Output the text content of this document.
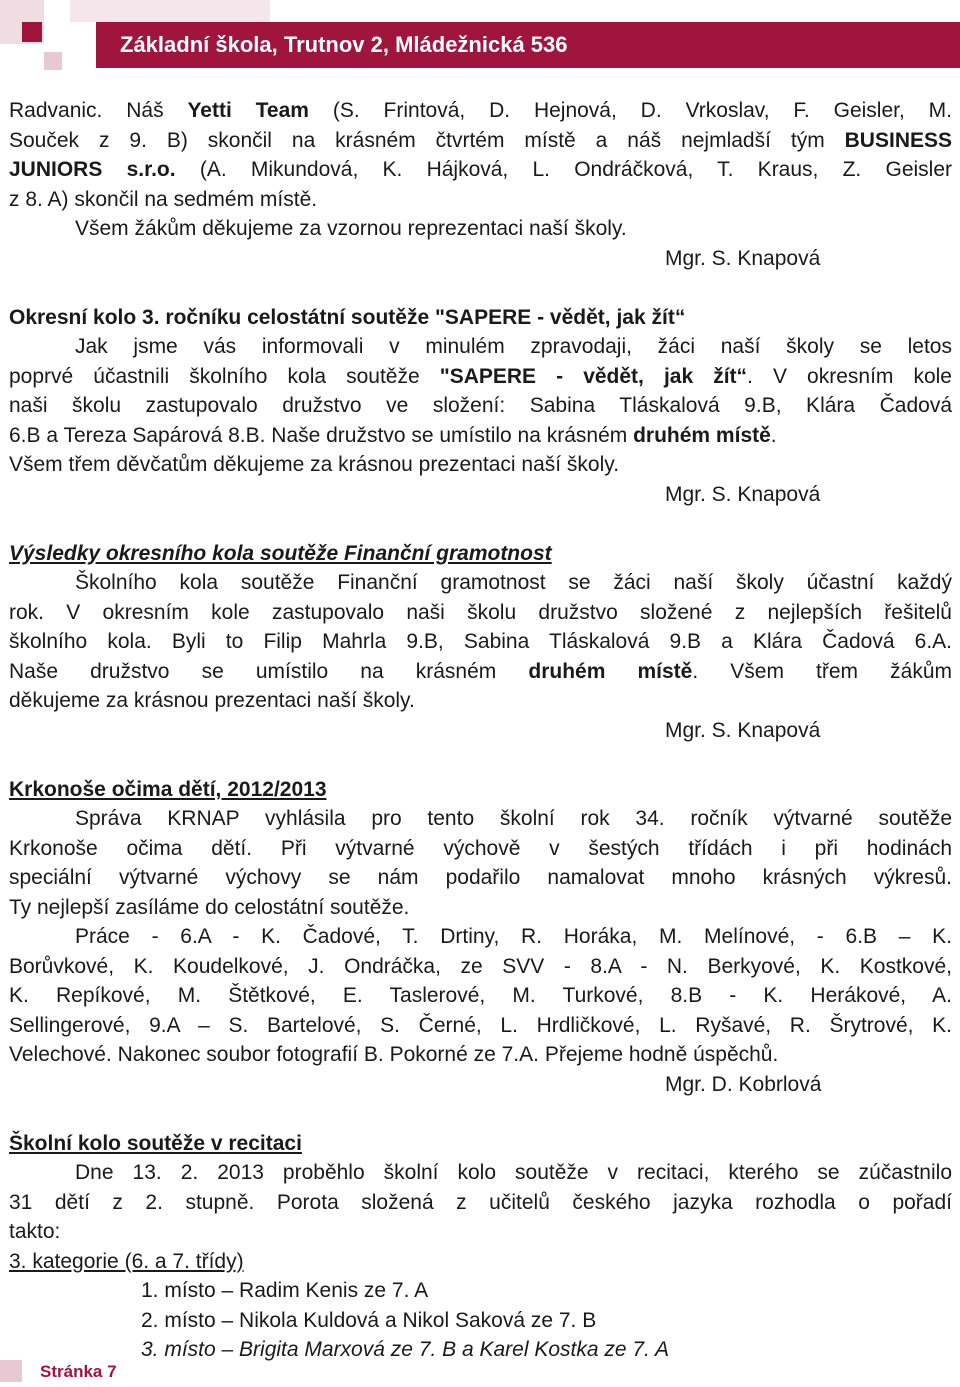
Základní škola, Trutnov 2, Mládežnická 536
Radvanic. Náš Yetti Team (S. Frintová, D. Hejnová, D. Vrkoslav, F. Geisler, M.
Souček z 9. B) skončil na krásném čtvrtém místě a náš nejmladší tým BUSINESS
JUNIORS s.r.o. (A. Mikundová, K. Hájková, L. Ondráčková, T. Kraus, Z. Geisler
z 8. A) skončil na sedmém místě.
Všem žákům děkujeme za vzornou reprezentaci naší školy.
Mgr. S. Knapová
Okresní kolo 3. ročníku celostátní soutěže "SAPERE - vědět, jak žít“
Jak jsme vás informovali v minulém zpravodaji, žáci naší školy se letos
poprvé účastnili školního kola soutěže "SAPERE - vědět, jak žít“. V okresním kole
naši školu zastupovalo družstvo ve složení: Sabina Tláskalová 9.B, Klára Čadová
6.B a Tereza Sapárová 8.B. Naše družstvo se umístilo na krásném druhém místě.
Všem třem děvčatům děkujeme za krásnou prezentaci naší školy.
Mgr. S. Knapová
Výsledky okresního kola soutěže Finanční gramotnost
Školního kola soutěže Finanční gramotnost se žáci naší školy účastní každý
rok. V okresním kole zastupovalo naši školu družstvo složené z nejlepších řešitelů
školního kola. Byli to Filip Mahrla 9.B, Sabina Tláskalová 9.B a Klára Čadová 6.A.
Naše družstvo se umístilo na krásném druhém místě. Všem třem žákům
děkujeme za krásnou prezentaci naší školy.
Mgr. S. Knapová
Krkonoše očima dětí, 2012/2013
Správa KRNAP vyhlásila pro tento školní rok 34. ročník výtvarné soutěže
Krkonoše očima dětí. Při výtvarné výchově v šestých třídách i při hodinách
speciální výtvarné výchovy se nám podařilo namalovat mnoho krásných výkresů.
Ty nejlepší zasíláme do celostátní soutěže.
Práce - 6.A - K. Čadové, T. Drtiny, R. Horáka, M. Melínové, - 6.B – K.
Borůvkové, K. Koudelkové, J. Ondráčka, ze SVV - 8.A - N. Berkyové, K. Kostkové,
K. Repíkové, M. Štětkové, E. Taslerové, M. Turkové, 8.B - K. Herákové, A.
Sellingerové, 9.A – S. Bartelové, S. Černé, L. Hrdličkové, L. Ryšavé, R. Šrytrové, K.
Velechové. Nakonec soubor fotografií B. Pokorné ze 7.A. Přejeme hodně úspěchů.
Mgr. D. Kobrlová
Školní kolo soutěže v recitaci
Dne 13. 2. 2013 proběhlo školní kolo soutěže v recitaci, kterého se zúčastnilo
31 dětí z 2. stupně. Porota složená z učitelů českého jazyka rozhodla o pořadí
takto:
3. kategorie (6. a 7. třídy)
1. místo – Radim Kenis ze 7. A
2. místo – Nikola Kuldová a Nikol Saková ze 7. B
3. místo – Brigita Marxová ze 7. B a Karel Kostka ze 7. A
Stránka 7
